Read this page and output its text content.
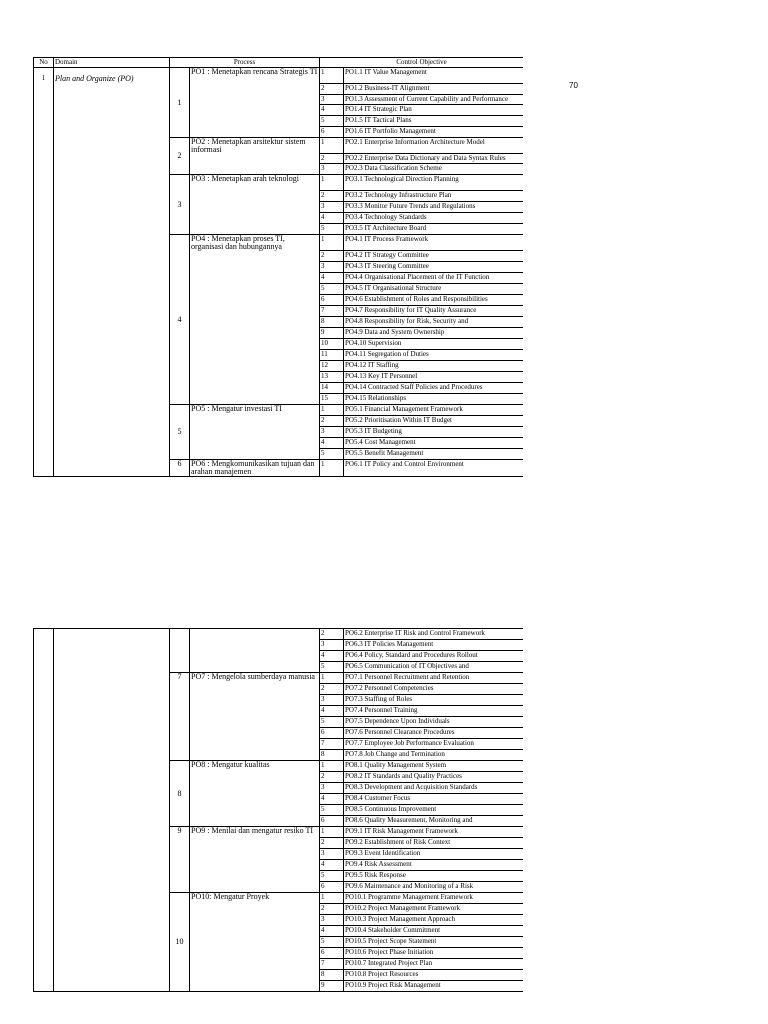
70
No	Domain	Process		Control Objective	
1	Plan and Organize (PO)	1	PO1 : Menetapkan rencana Strategis TI	1	PO1.1 IT Value Management
				2	PO1.2 Business-IT Alignment
				3	PO1.3 Assessment of Current Capability and Performance
				4	PO1.4 IT Strategic Plan
				5	PO1.5 IT Tactical Plans
				6	PO1.6 IT Portfolio Management
		2	PO2 : Menetapkan arsitektur sistem informasi	1	PO2.1 Enterprise Information Architecture Model
				2	PO2.2 Enterprise Data Dictionary and Data Syntax Rules
				3	PO2.3 Data Classification Scheme
		3	PO3 : Menetapkan arah teknologi	1	PO3.1 Technological Direction Planning
				2	PO3.2 Technology Infrastructure Plan
				3	PO3.3 Monitor Future Trends and Regulations
				4	PO3.4 Technology Standards
				5	PO3.5 IT Architecture Board
		4	PO4 : Menetapkan proses TI, organisasi dan hubungannya	1	PO4.1 IT Process Framework
				2	PO4.2 IT Strategy Committee
				3	PO4.3 IT Steering Committee
				4	PO4.4 Organisational Placement of the IT Function
				5	PO4.5 IT Organisational Structure
				6	PO4.6 Establishment of Roles and Responsibilities
				7	PO4.7 Responsibility for IT Quality Assurance
				8	PO4.8 Responsibility for Risk, Security and
				9	PO4.9 Data and System Ownership
				10	PO4.10 Supervision
				11	PO4.11 Segregation of Duties
				12	PO4.12 IT Staffing
				13	PO4.13 Key IT Personnel
				14	PO4.14 Contracted Staff Policies and Procedures
				15	PO4.15 Relationships
		5	PO5 : Mengatur investasi TI	1	PO5.1 Financial Management Framework
				2	PO5.2 Prioritisation Within IT Budget
				3	PO5.3 IT Budgeting
				4	PO5.4 Cost Management
				5	PO5.5 Benefit Management
		6	PO6 : Mengkomunikasikan tujuan dan arahan manajemen	1	PO6.1 IT Policy and Control Environment
				2	PO6.2 Enterprise IT Risk and Control Framework
				3	PO6.3 IT Policies Management
				4	PO6.4 Policy, Standard and Procedures Rollout
				5	PO6.5 Communication of IT Objectives and
		7	PO7 : Mengelola sumberdaya manusia	1	PO7.1 Personnel Recruitment and Retention
				2	PO7.2 Personnel Competencies
				3	PO7.3 Staffing of Roles
				4	PO7.4 Personnel Training
				5	PO7.5 Dependence Upon Individuals
				6	PO7.6 Personnel Clearance Procedures
				7	PO7.7 Employee Job Performance Evaluation
				8	PO7.8 Job Change and Termination
		8	PO8 : Mengatur kualitas	1	PO8.1 Quality Management System
				2	PO8.2 IT Standards and Quality Practices
				3	PO8.3 Development and Acquisition Standards
				4	PO8.4 Customer Focus
				5	PO8.5 Continuous Improvement
				6	PO8.6 Quality Measurement, Monitoring and
		9	PO9 : Menilai dan mengatur resiko TI	1	PO9.1 IT Risk Management Framework
				2	PO9.2 Establishment of Risk Context
				3	PO9.3 Event Identification
				4	PO9.4 Risk Assessment
				5	PO9.5 Risk Response
				6	PO9.6 Maintenance and Monitoring of a Risk
		10	PO10: Mengatur Proyek	1	PO10.1 Programme Management Framework
				2	PO10.2 Project Management Framework
				3	PO10.3 Project Management Approach
				4	PO10.4 Stakeholder Commitment
				5	PO10.5 Project Scope Statement
				6	PO10.6 Project Phase Initiation
				7	PO10.7 Integrated Project Plan
				8	PO10.8 Project Resources
				9	PO10.9 Project Risk Management
